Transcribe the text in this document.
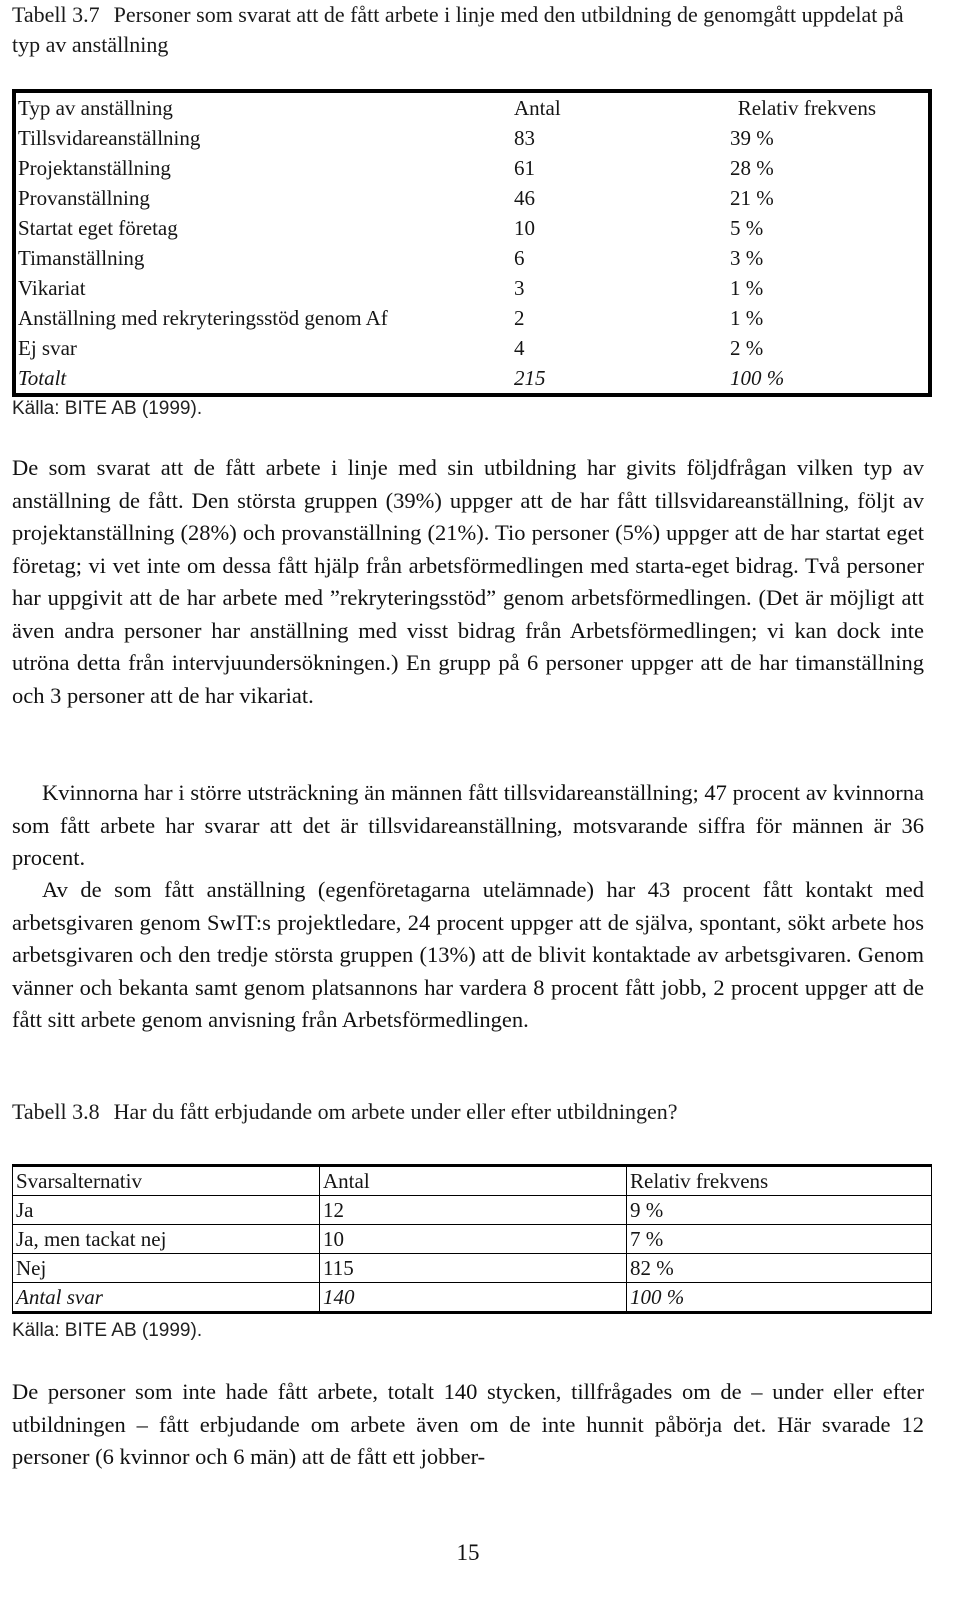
Tabell 3.7 Personer som svarat att de fått arbete i linje med den utbildning de genomgått uppdelat på typ av anställning
Typ av anställning	Antal	Relativ frekvens
Tillsvidareanställning	83	39 %
Projektanställning	61	28 %
Provanställning	46	21 %
Startat eget företag	10	5 %
Timanställning	6	3 %
Vikariat	3	1 %
Anställning med rekryteringsstöd genom Af	2	1 %
Ej svar	4	2 %
Totalt	215	100 %
Källa: BITE AB (1999).

De som svarat att de fått arbete i linje med sin utbildning har givits följdfrågan vilken typ av anställning de fått. Den största gruppen (39%) uppger att de har fått tillsvidareanställning, följt av projektanställning (28%) och provanställning (21%). Tio personer (5%) uppger att de har startat eget företag; vi vet inte om dessa fått hjälp från arbetsförmedlingen med starta-eget bidrag. Två personer har uppgivit att de har arbete med ”rekryteringsstöd” genom arbetsförmedlingen. (Det är möjligt att även andra personer har anställning med visst bidrag från Arbetsförmedlingen; vi kan dock inte utröna detta från intervjuundersökningen.) En grupp på 6 personer uppger att de har timanställning och 3 personer att de har vikariat.

Kvinnorna har i större utsträckning än männen fått tillsvidareanställning; 47 procent av kvinnorna som fått arbete har svarar att det är tillsvidareanställning, motsvarande siffra för männen är 36 procent.

Av de som fått anställning (egenföretagarna utelämnade) har 43 procent fått kontakt med arbetsgivaren genom SwIT:s projektledare, 24 procent uppger att de själva, spontant, sökt arbete hos arbetsgivaren och den tredje största gruppen (13%) att de blivit kontaktade av arbetsgivaren. Genom vänner och bekanta samt genom platsannons har vardera 8 procent fått jobb, 2 procent uppger att de fått sitt arbete genom anvisning från Arbetsförmedlingen.

Tabell 3.8 Har du fått erbjudande om arbete under eller efter utbildningen?
Svarsalternativ	Antal	Relativ frekvens
Ja	12	9 %
Ja, men tackat nej	10	7 %
Nej	115	82 %
Antal svar	140	100 %
Källa: BITE AB (1999).

De personer som inte hade fått arbete, totalt 140 stycken, tillfrågades om de – under eller efter utbildningen – fått erbjudande om arbete även om de inte hunnit påbörja det. Här svarade 12 personer (6 kvinnor och 6 män) att de fått ett jobber-

15
